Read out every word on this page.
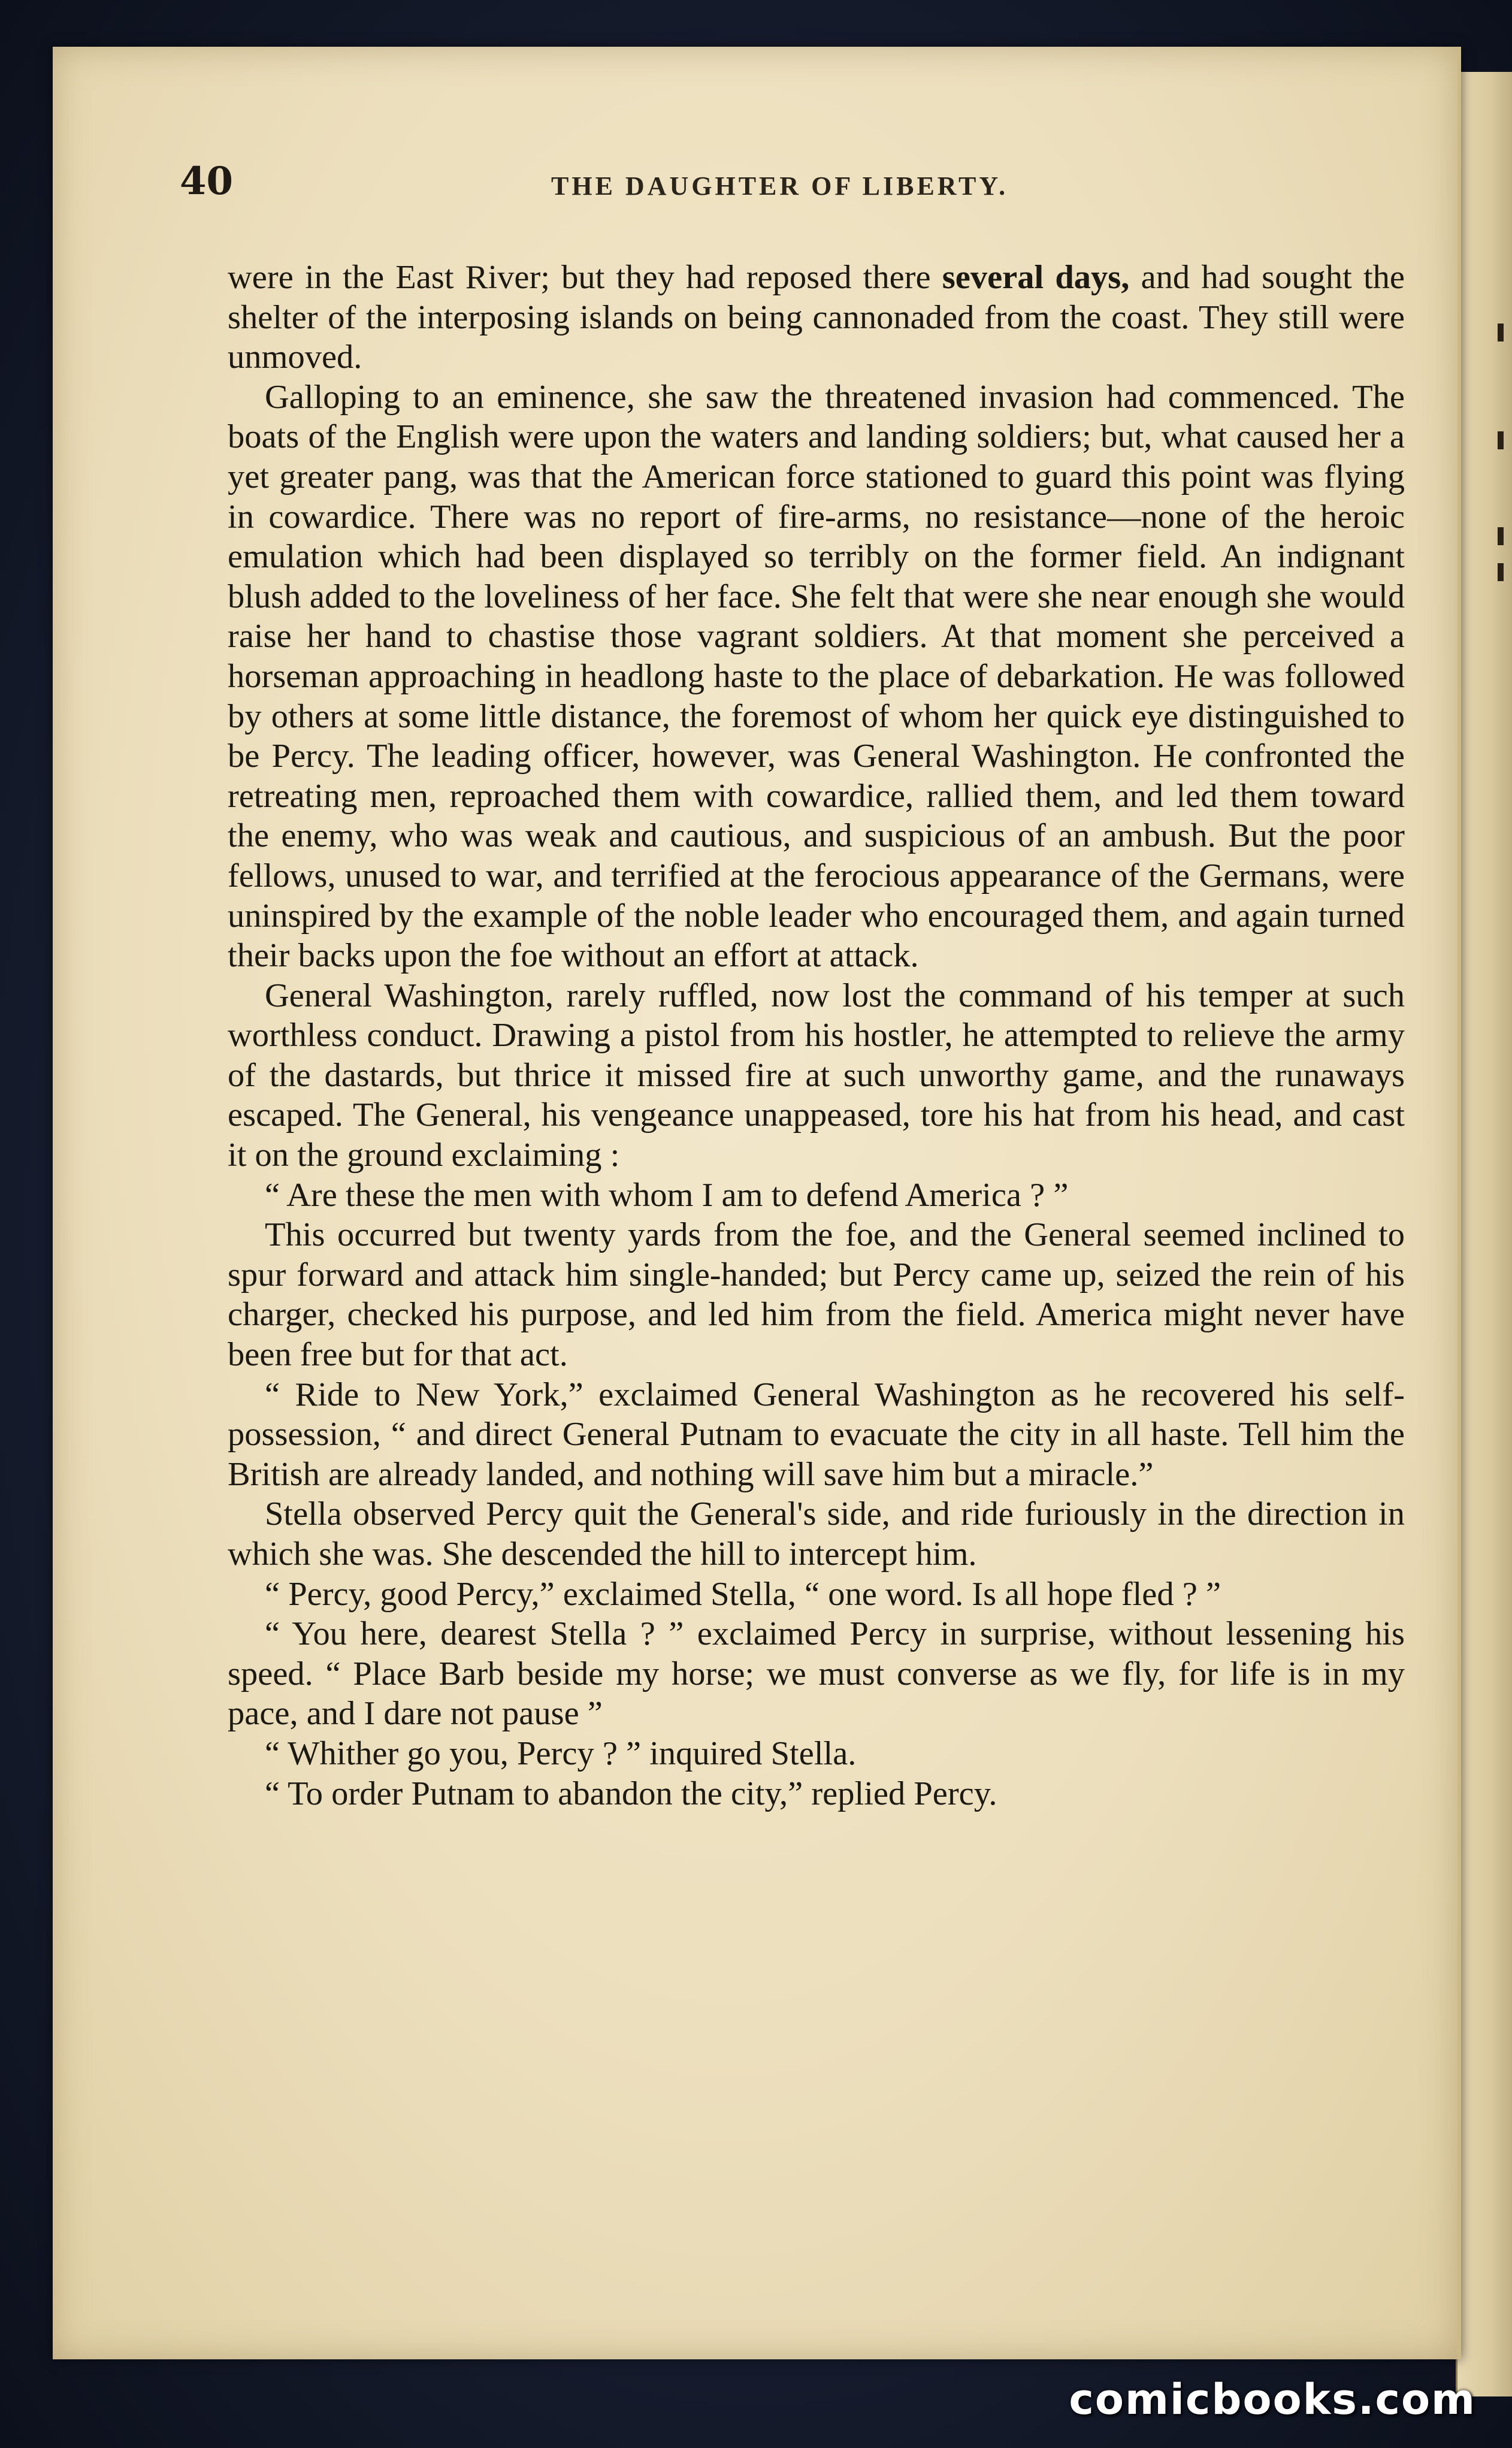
40	THE DAUGHTER OF LIBERTY.

were in the East River; but they had reposed there several days, and had sought the shelter of the interposing islands on being cannonaded from the coast. They still were unmoved.

Galloping to an eminence, she saw the threatened invasion had commenced. The boats of the English were upon the waters and landing soldiers; but, what caused her a yet greater pang, was that the American force stationed to guard this point was flying in cowardice. There was no report of fire-arms, no resistance—none of the heroic emulation which had been displayed so terribly on the former field. An indignant blush added to the loveliness of her face. She felt that were she near enough she would raise her hand to chastise those vagrant soldiers. At that moment she perceived a horseman approaching in headlong haste to the place of debarkation. He was followed by others at some little distance, the foremost of whom her quick eye distinguished to be Percy. The leading officer, however, was General Washington. He confronted the retreating men, reproached them with cowardice, rallied them, and led them toward the enemy, who was weak and cautious, and suspicious of an ambush. But the poor fellows, unused to war, and terrified at the ferocious appearance of the Germans, were uninspired by the example of the noble leader who encouraged them, and again turned their backs upon the foe without an effort at attack.

General Washington, rarely ruffled, now lost the command of his temper at such worthless conduct. Drawing a pistol from his hostler, he attempted to relieve the army of the dastards, but thrice it missed fire at such unworthy game, and the runaways escaped. The General, his vengeance unappeased, tore his hat from his head, and cast it on the ground exclaiming :

“ Are these the men with whom I am to defend America ? ”

This occurred but twenty yards from the foe, and the General seemed inclined to spur forward and attack him single-handed; but Percy came up, seized the rein of his charger, checked his purpose, and led him from the field. America might never have been free but for that act.

“ Ride to New York,” exclaimed General Washington as he recovered his self-possession, “ and direct General Putnam to evacuate the city in all haste. Tell him the British are already landed, and nothing will save him but a miracle.”

Stella observed Percy quit the General's side, and ride furiously in the direction in which she was. She descended the hill to intercept him.

“ Percy, good Percy,” exclaimed Stella, “ one word. Is all hope fled ? ”

“ You here, dearest Stella ? ” exclaimed Percy in surprise, without lessening his speed. “ Place Barb beside my horse; we must converse as we fly, for life is in my pace, and I dare not pause ”

“ Whither go you, Percy ? ” inquired Stella.

“ To order Putnam to abandon the city,” replied Percy.

comicbooks.com
